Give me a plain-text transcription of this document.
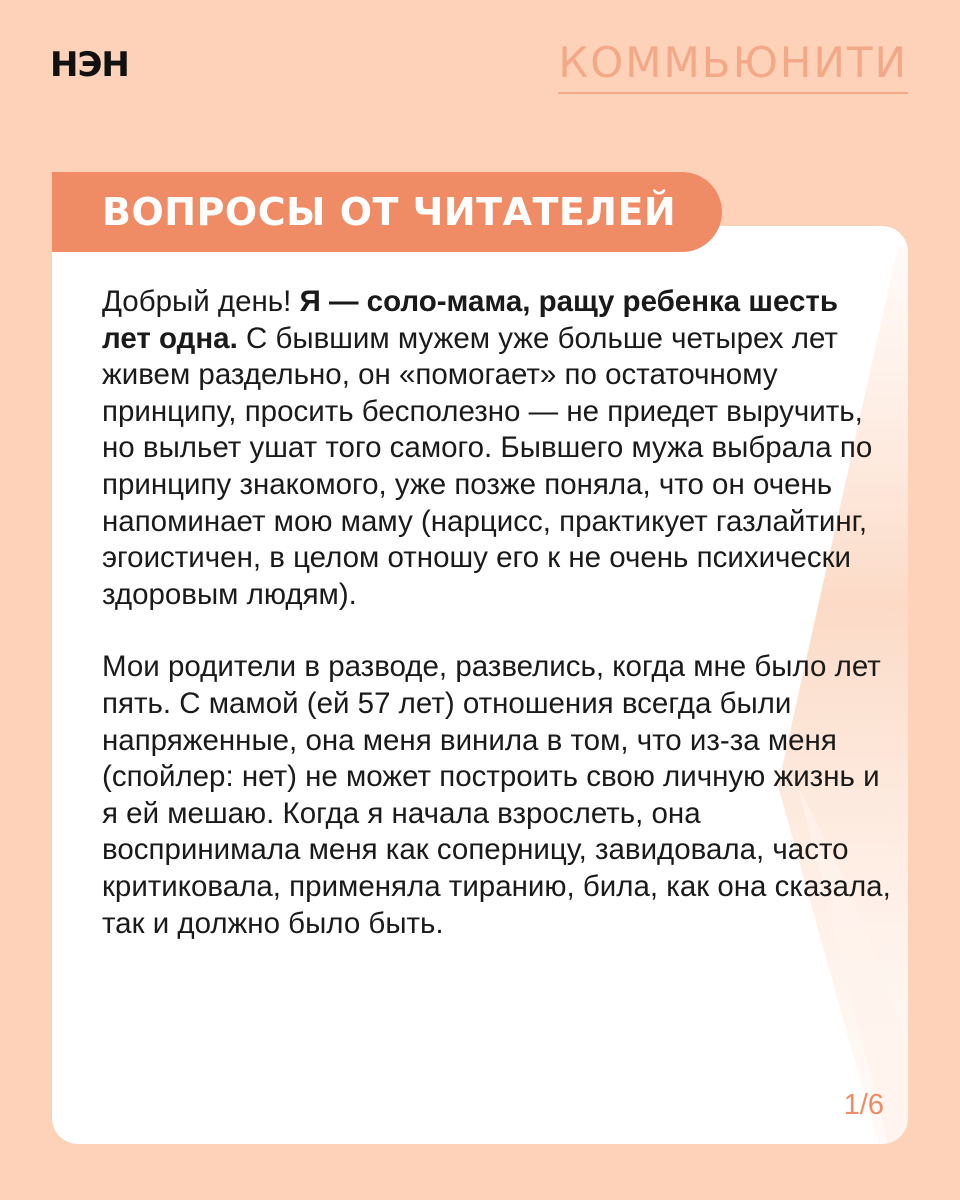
НЭН	КОММЬЮНИТИ

Добрый день! Я — соло-мама, ращу ребенка шесть лет одна. С бывшим мужем уже больше четырех лет живем раздельно, он «помогает» по остаточному принципу, просить бесполезно — не приедет выручить, но выльет ушат того самого. Бывшего мужа выбрала по принципу знакомого, уже позже поняла, что он очень напоминает мою маму (нарцисс, практикует газлайтинг, эгоистичен, в целом отношу его к не очень психически здоровым людям).

Мои родители в разводе, развелись, когда мне было лет пять. С мамой (ей 57 лет) отношения всегда были напряженные, она меня винила в том, что из-за меня (спойлер: нет) не может построить свою личную жизнь и я ей мешаю. Когда я начала взрослеть, она воспринимала меня как соперницу, завидовала, часто критиковала, применяла тиранию, била, как она сказала, так и должно было быть.

1/6
ВОПРОСЫ ОТ ЧИТАТЕЛЕЙ
